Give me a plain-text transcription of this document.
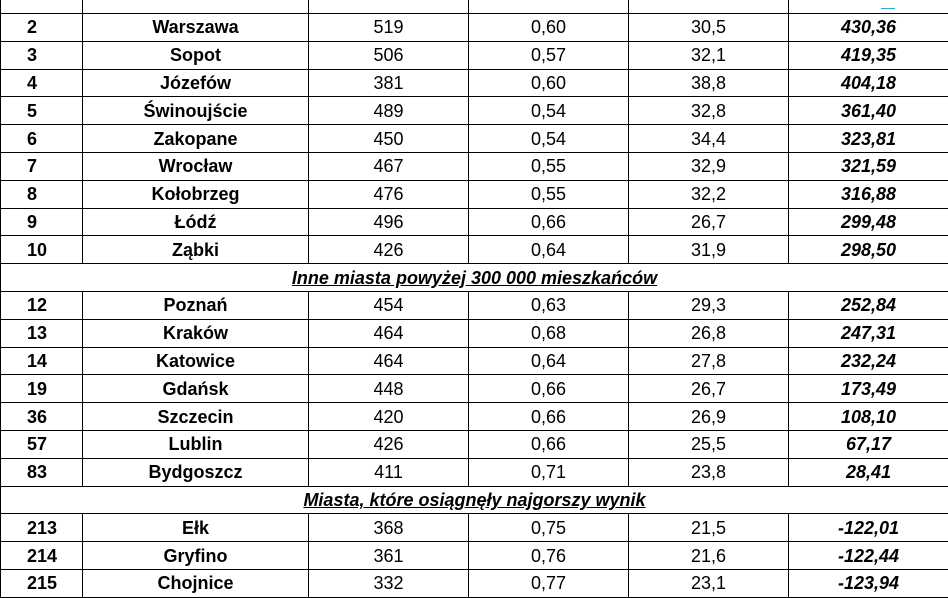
2	Warszawa	519	0,60	30,5	430,36
3	Sopot	506	0,57	32,1	419,35
4	Józefów	381	0,60	38,8	404,18
5	Świnoujście	489	0,54	32,8	361,40
6	Zakopane	450	0,54	34,4	323,81
7	Wrocław	467	0,55	32,9	321,59
8	Kołobrzeg	476	0,55	32,2	316,88
9	Łódź	496	0,66	26,7	299,48
10	Ząbki	426	0,64	31,9	298,50
Inne miasta powyżej 300 000 mieszkańców					
12	Poznań	454	0,63	29,3	252,84
13	Kraków	464	0,68	26,8	247,31
14	Katowice	464	0,64	27,8	232,24
19	Gdańsk	448	0,66	26,7	173,49
36	Szczecin	420	0,66	26,9	108,10
57	Lublin	426	0,66	25,5	67,17
83	Bydgoszcz	411	0,71	23,8	28,41
Miasta, które osiągnęły najgorszy wynik					
213	Ełk	368	0,75	21,5	-122,01
214	Gryfino	361	0,76	21,6	-122,44
215	Chojnice	332	0,77	23,1	-123,94
